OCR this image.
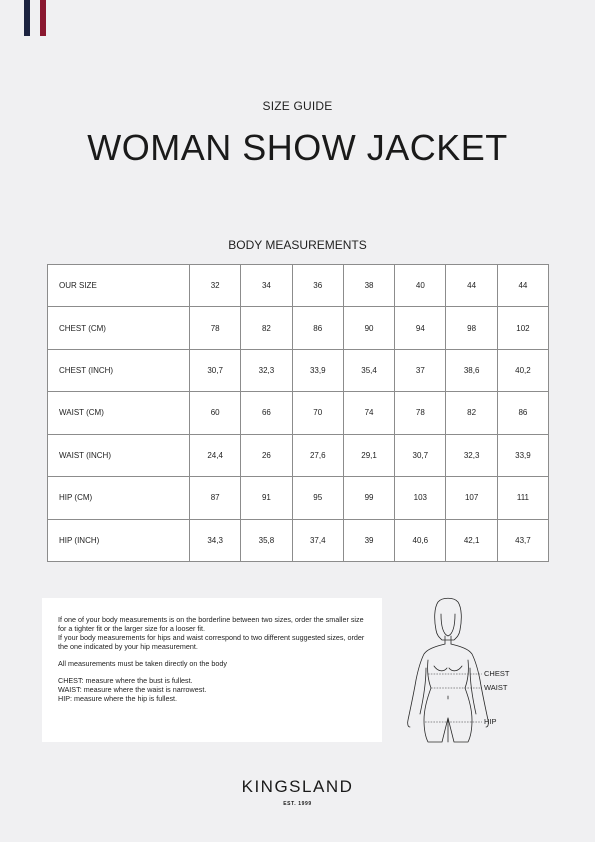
SIZE GUIDE
WOMAN SHOW JACKET
BODY MEASUREMENTS
OUR SIZE	32	34	36	38	40	44	44
CHEST (CM)	78	82	86	90	94	98	102
CHEST (INCH)	30,7	32,3	33,9	35,4	37	38,6	40,2
WAIST (CM)	60	66	70	74	78	82	86
WAIST (INCH)	24,4	26	27,6	29,1	30,7	32,3	33,9
HIP (CM)	87	91	95	99	103	107	111
HIP (INCH)	34,3	35,8	37,4	39	40,6	42,1	43,7

If one of your body measurements is on the borderline between two sizes, order the smaller size for a tighter fit or the larger size for a looser fit.

If your body measurements for hips and waist correspond to two different suggested sizes, order the one indicated by your hip measurement.

All measurements must be taken directly on the body

CHEST: measure where the bust is fullest.

WAIST: measure where the waist is narrowest.

HIP: measure where the hip is fullest.

CHEST
WAIST
HIP
KINGSLAND
EST. 1999
